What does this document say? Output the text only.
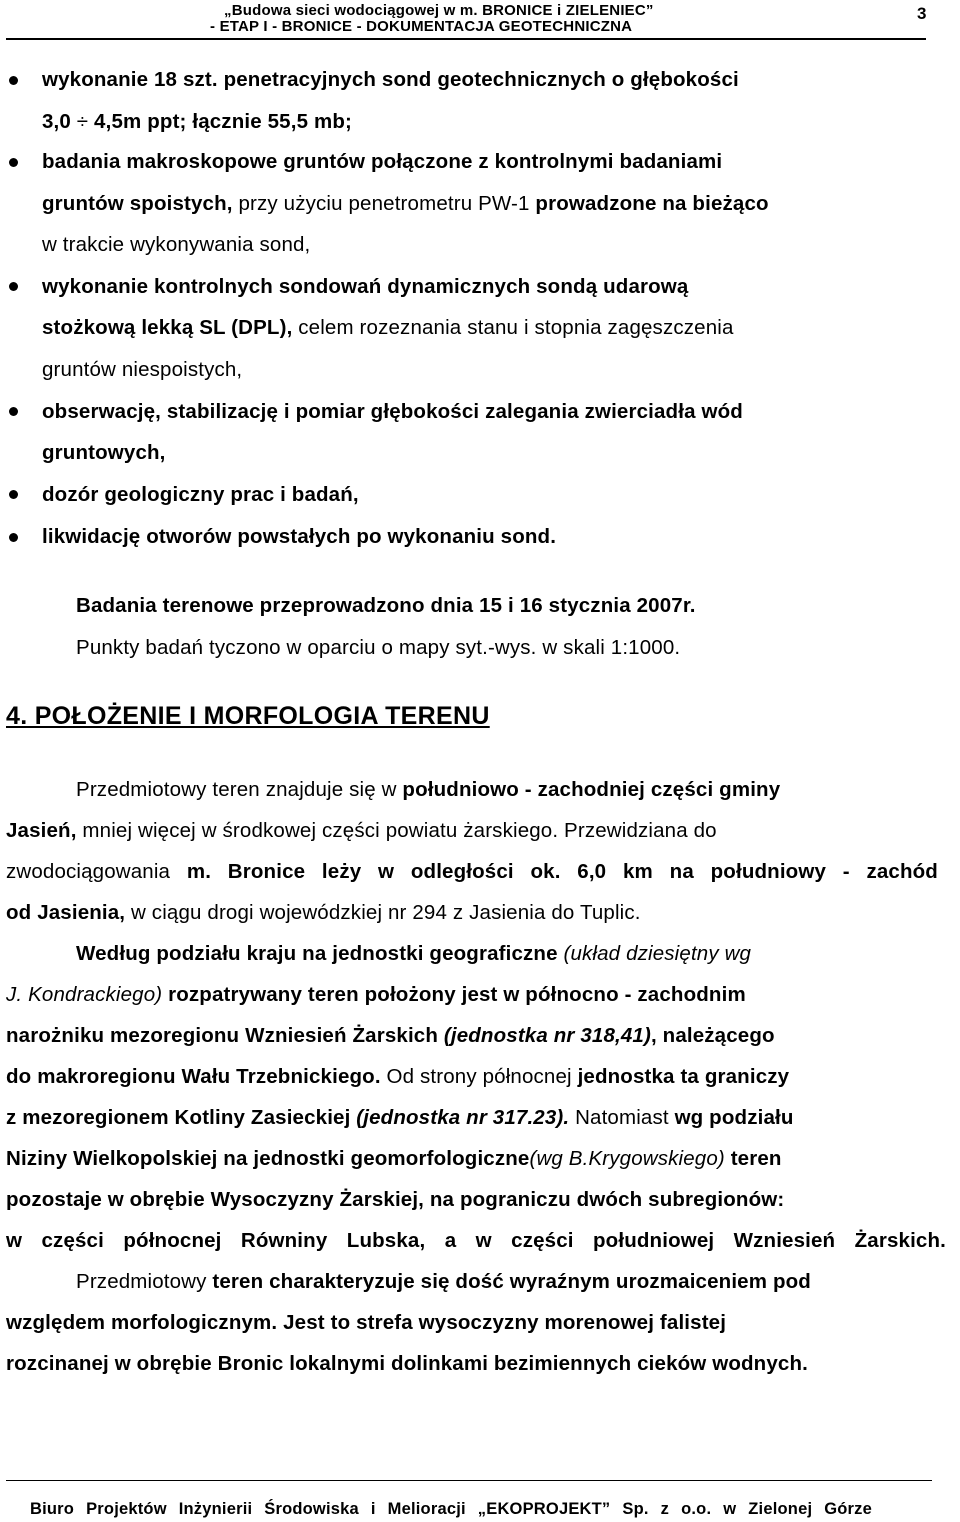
„Budowa sieci wodociągowej w m. BRONICE i ZIELENIEC”
- ETAP I - BRONICE - DOKUMENTACJA GEOTECHNICZNA
3
wykonanie 18 szt. penetracyjnych sond geotechnicznych o głębokości
3,0 ÷ 4,5m ppt; łącznie 55,5 mb;
badania makroskopowe gruntów połączone z kontrolnymi badaniami
gruntów spoistych, przy użyciu penetrometru PW-1 prowadzone na bieżąco
w trakcie wykonywania sond,
wykonanie kontrolnych sondowań dynamicznych sondą udarową
stożkową lekką SL (DPL), celem rozeznania stanu i stopnia zagęszczenia
gruntów niespoistych,
obserwację, stabilizację i pomiar głębokości zalegania zwierciadła wód
gruntowych,
dozór geologiczny prac i badań,
likwidację otworów powstałych po wykonaniu sond.
Badania terenowe przeprowadzono dnia 15 i 16 stycznia 2007r.
Punkty badań tyczono w oparciu o mapy syt.-wys. w skali 1:1000.
4. POŁOŻENIE I MORFOLOGIA TERENU
Przedmiotowy teren znajduje się w południowo - zachodniej części gminy
Jasień, mniej więcej w środkowej części powiatu żarskiego. Przewidziana do
zwodociągowania m. Bronice leży w odległości ok. 6,0 km na południowy - zachód
od Jasienia, w ciągu drogi wojewódzkiej nr 294 z Jasienia do Tuplic.
Według podziału kraju na jednostki geograficzne (układ dziesiętny wg
J. Kondrackiego) rozpatrywany teren położony jest w północno - zachodnim
narożniku mezoregionu Wzniesień Żarskich (jednostka nr 318,41), należącego
do makroregionu Wału Trzebnickiego. Od strony północnej jednostka ta graniczy
z mezoregionem Kotliny Zasieckiej (jednostka nr 317.23). Natomiast wg podziału
Niziny Wielkopolskiej na jednostki geomorfologiczne(wg B.Krygowskiego) teren
pozostaje w obrębie Wysoczyzny Żarskiej, na pograniczu dwóch subregionów:
w części północnej Równiny Lubska, a w części południowej Wzniesień Żarskich.
Przedmiotowy teren charakteryzuje się dość wyraźnym urozmaiceniem pod
względem morfologicznym. Jest to strefa wysoczyzny morenowej falistej
rozcinanej w obrębie Bronic lokalnymi dolinkami bezimiennych cieków wodnych.
Biuro Projektów Inżynierii Środowiska i Melioracji „EKOPROJEKT” Sp. z o.o. w Zielonej Górze
